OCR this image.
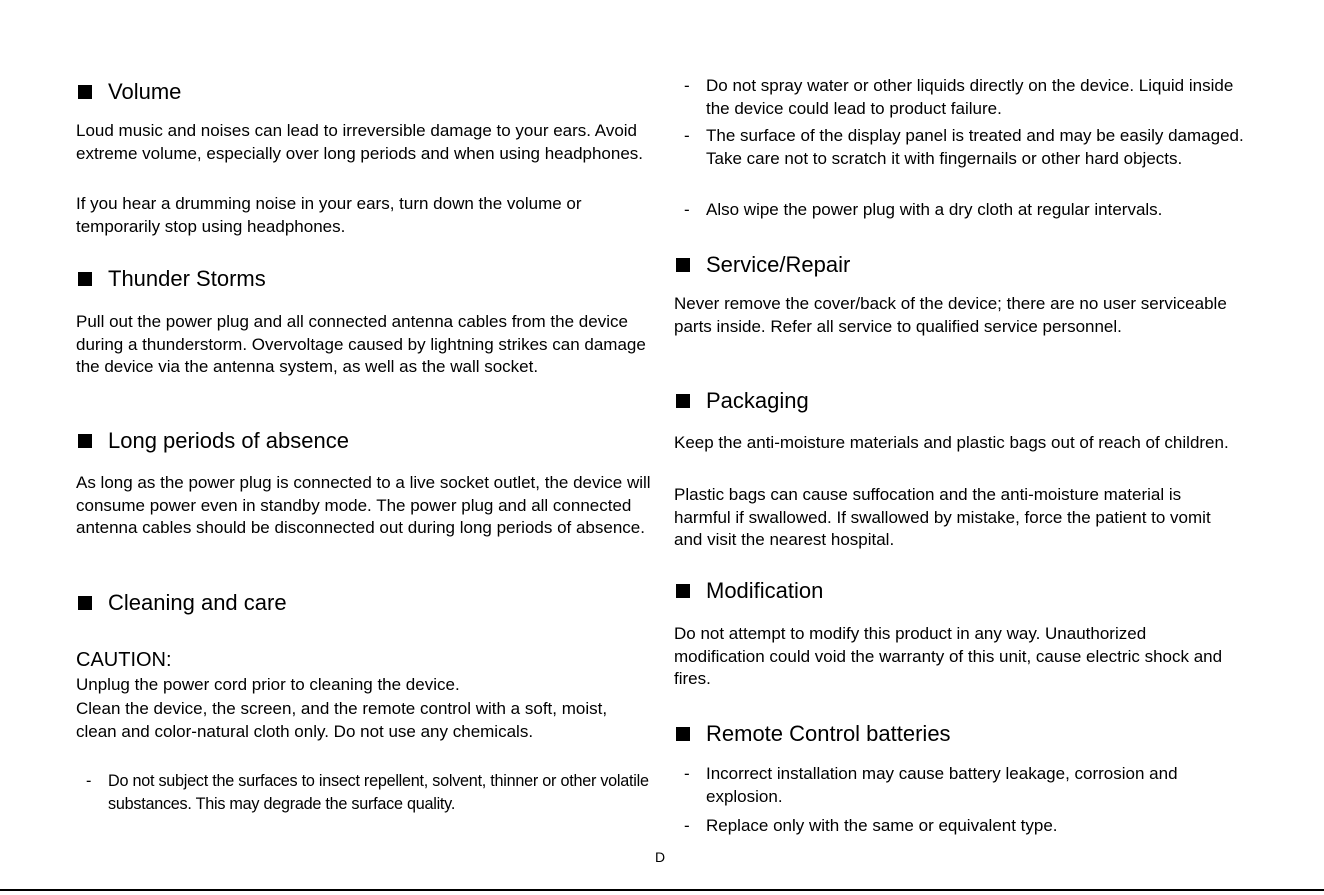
Volume
Loud music and noises can lead to irreversible damage to your ears. Avoid extreme volume, especially over long periods and when using headphones.
If you hear a drumming noise in your ears, turn down the volume or temporarily stop using headphones.
Thunder Storms
Pull out the power plug and all connected antenna cables from the device during a thunderstorm. Overvoltage caused by lightning strikes can damage the device via the antenna system, as well as the wall socket.
Long periods of absence
As long as the power plug is connected to a live socket outlet, the device will consume power even in standby mode. The power plug and all connected antenna cables should be disconnected out during long periods of absence.
Cleaning and care
CAUTION:
Unplug the power cord prior to cleaning the device.
Clean the device, the screen, and the remote control with a soft, moist, clean and color-natural cloth only. Do not use any chemicals.
-	Do not subject the surfaces to insect repellent, solvent, thinner or other volatile substances. This may degrade the surface quality.
- Do not spray water or other liquids directly on the device. Liquid inside the device could lead to product failure.
- The surface of the display panel is treated and may be easily damaged. Take care not to scratch it with fingernails or other hard objects.
- Also wipe the power plug with a dry cloth at regular intervals.
Service/Repair
Never remove the cover/back of the device; there are no user serviceable parts inside. Refer all service to qualified service personnel.
Packaging
Keep the anti-moisture materials and plastic bags out of reach of children.
Plastic bags can cause suffocation and the anti-moisture material is harmful if swallowed. If swallowed by mistake, force the patient to vomit and visit the nearest hospital.
Modification
Do not attempt to modify this product in any way. Unauthorized modification could void the warranty of this unit, cause electric shock and fires.
Remote Control batteries
- Incorrect installation may cause battery leakage, corrosion and explosion.
- Replace only with the same or equivalent type.
D
